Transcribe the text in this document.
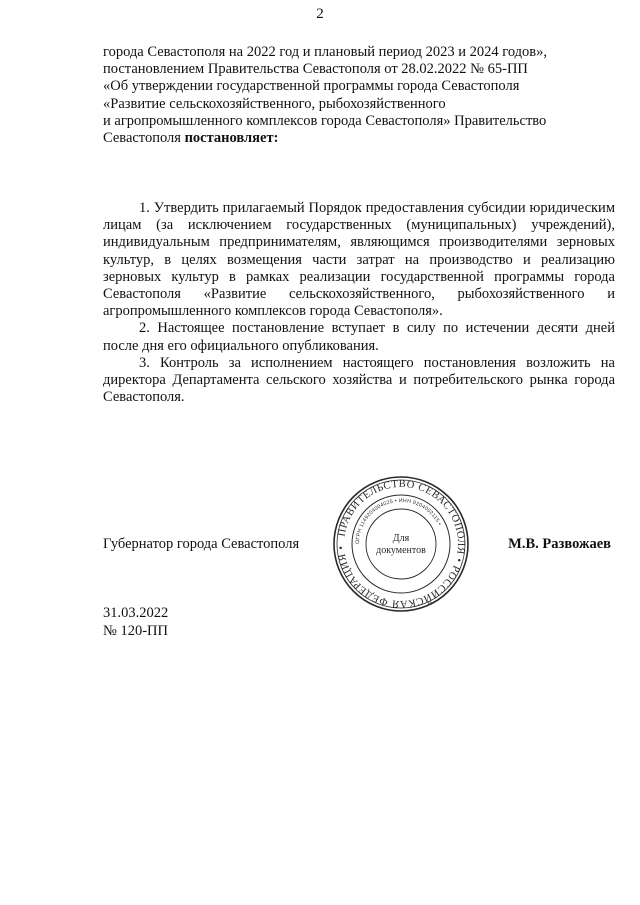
2

города Севастополя на 2022 год и плановый период 2023 и 2024 годов»,

постановлением Правительства Севастополя от 28.02.2022 № 65-ПП

«Об утверждении государственной программы города Севастополя

«Развитие сельскохозяйственного, рыбохозяйственного

и агропромышленного комплексов города Севастополя» Правительство

Севастополя постановляет:

1. Утвердить прилагаемый Порядок предоставления субсидии юридическим лицам (за исключением государственных (муниципальных) учреждений), индивидуальным предпринимателям, являющимся производителями зерновых культур, в целях возмещения части затрат на производство и реализацию зерновых культур в рамках реализации государственной программы города Севастополя «Развитие сельскохозяйственного, рыбохозяйственного и агропромышленного комплексов города Севастополя».

2. Настоящее постановление вступает в силу по истечении десяти дней после дня его официального опубликования.

3. Контроль за исполнением настоящего постановления возложить на директора Департамента сельского хозяйства и потребительского рынка города Севастополя.

ПРАВИТЕЛЬСТВО СЕВАСТОПОЛЯ • РОССИЙСКАЯ ФЕДЕРАЦИЯ •
ОГРН 1149204004025 • ИНН 9204002115 •
Для
документов
Губернатор города Севастополя	М.В. Развожаев
31.03.2022
№ 120-ПП
